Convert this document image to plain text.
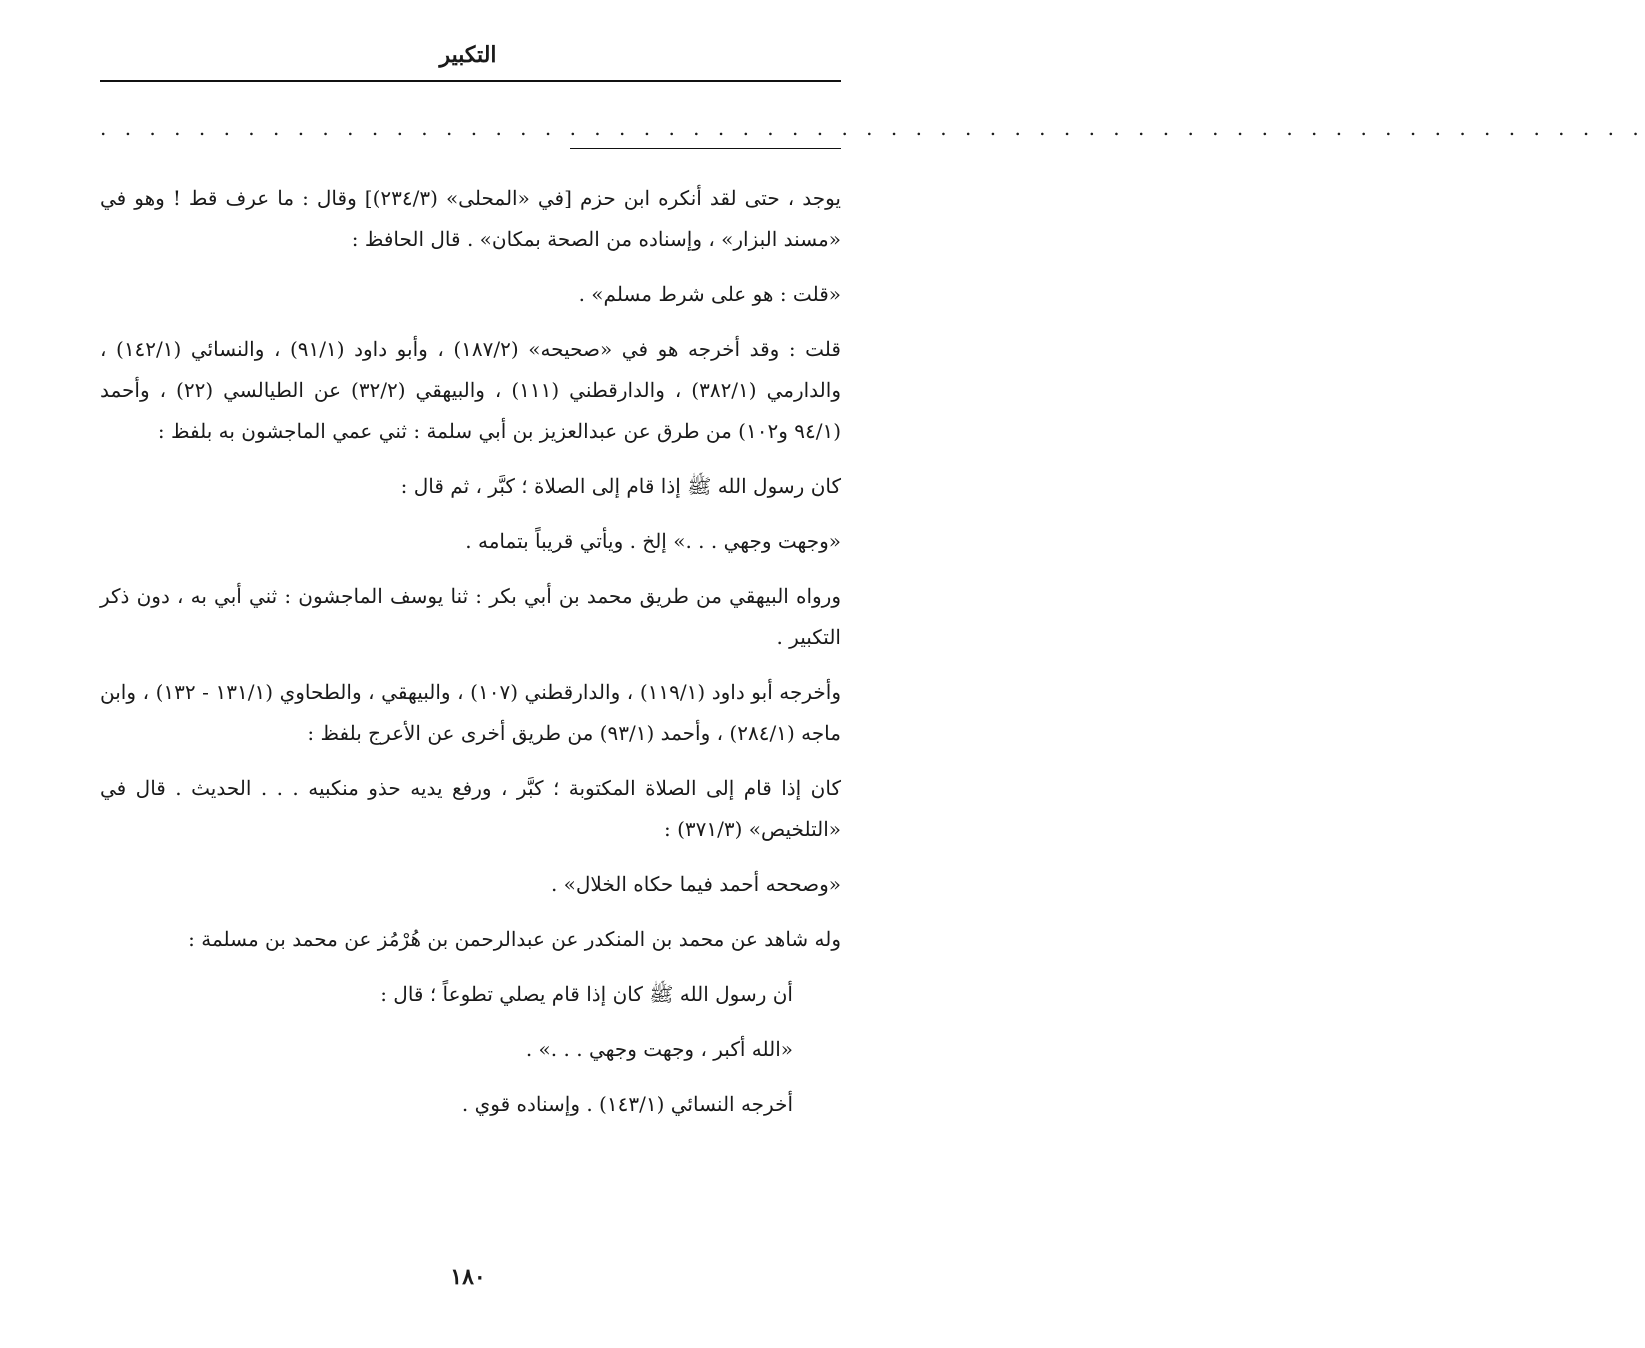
التكبير
. . . . . . . . . . . . . . . . . . . . . . . . . . . . . . . . . . . . . . . . . . . . . . . . . . . . . . . . . . . . . . .

يوجد ، حتى لقد أنكره ابن حزم [في «المحلى» (٢٣٤/٣)] وقال : ما عرف قط ! وهو في «مسند البزار» ، وإسناده من الصحة بمكان» . قال الحافظ :

«قلت : هو على شرط مسلم» .

قلت : وقد أخرجه هو في «صحيحه» (١٨٧/٢) ، وأبو داود (٩١/١) ، والنسائي (١٤٢/١) ، والدارمي (٣٨٢/١) ، والدارقطني (١١١) ، والبيهقي (٣٢/٢) عن الطيالسي (٢٢) ، وأحمد (٩٤/١ و١٠٢) من طرق عن عبدالعزيز بن أبي سلمة : ثني عمي الماجشون به بلفظ :

كان رسول الله ﷺ إذا قام إلى الصلاة ؛ كبَّر ، ثم قال :

«وجهت وجهي . . .» إلخ . ويأتي قريباً بتمامه .

ورواه البيهقي من طريق محمد بن أبي بكر : ثنا يوسف الماجشون : ثني أبي به ، دون ذكر التكبير .

وأخرجه أبو داود (١١٩/١) ، والدارقطني (١٠٧) ، والبيهقي ، والطحاوي (١٣١/١ - ١٣٢) ، وابن ماجه (٢٨٤/١) ، وأحمد (٩٣/١) من طريق أخرى عن الأعرج بلفظ :

كان إذا قام إلى الصلاة المكتوبة ؛ كبَّر ، ورفع يديه حذو منكبيه . . . الحديث . قال في «التلخيص» (٣٧١/٣) :

«وصححه أحمد فيما حكاه الخلال» .

وله شاهد عن محمد بن المنكدر عن عبدالرحمن بن هُرْمُز عن محمد بن مسلمة :

أن رسول الله ﷺ كان إذا قام يصلي تطوعاً ؛ قال :

«الله أكبر ، وجهت وجهي . . .» .

أخرجه النسائي (١٤٣/١) . وإسناده قوي .

١٨٠
